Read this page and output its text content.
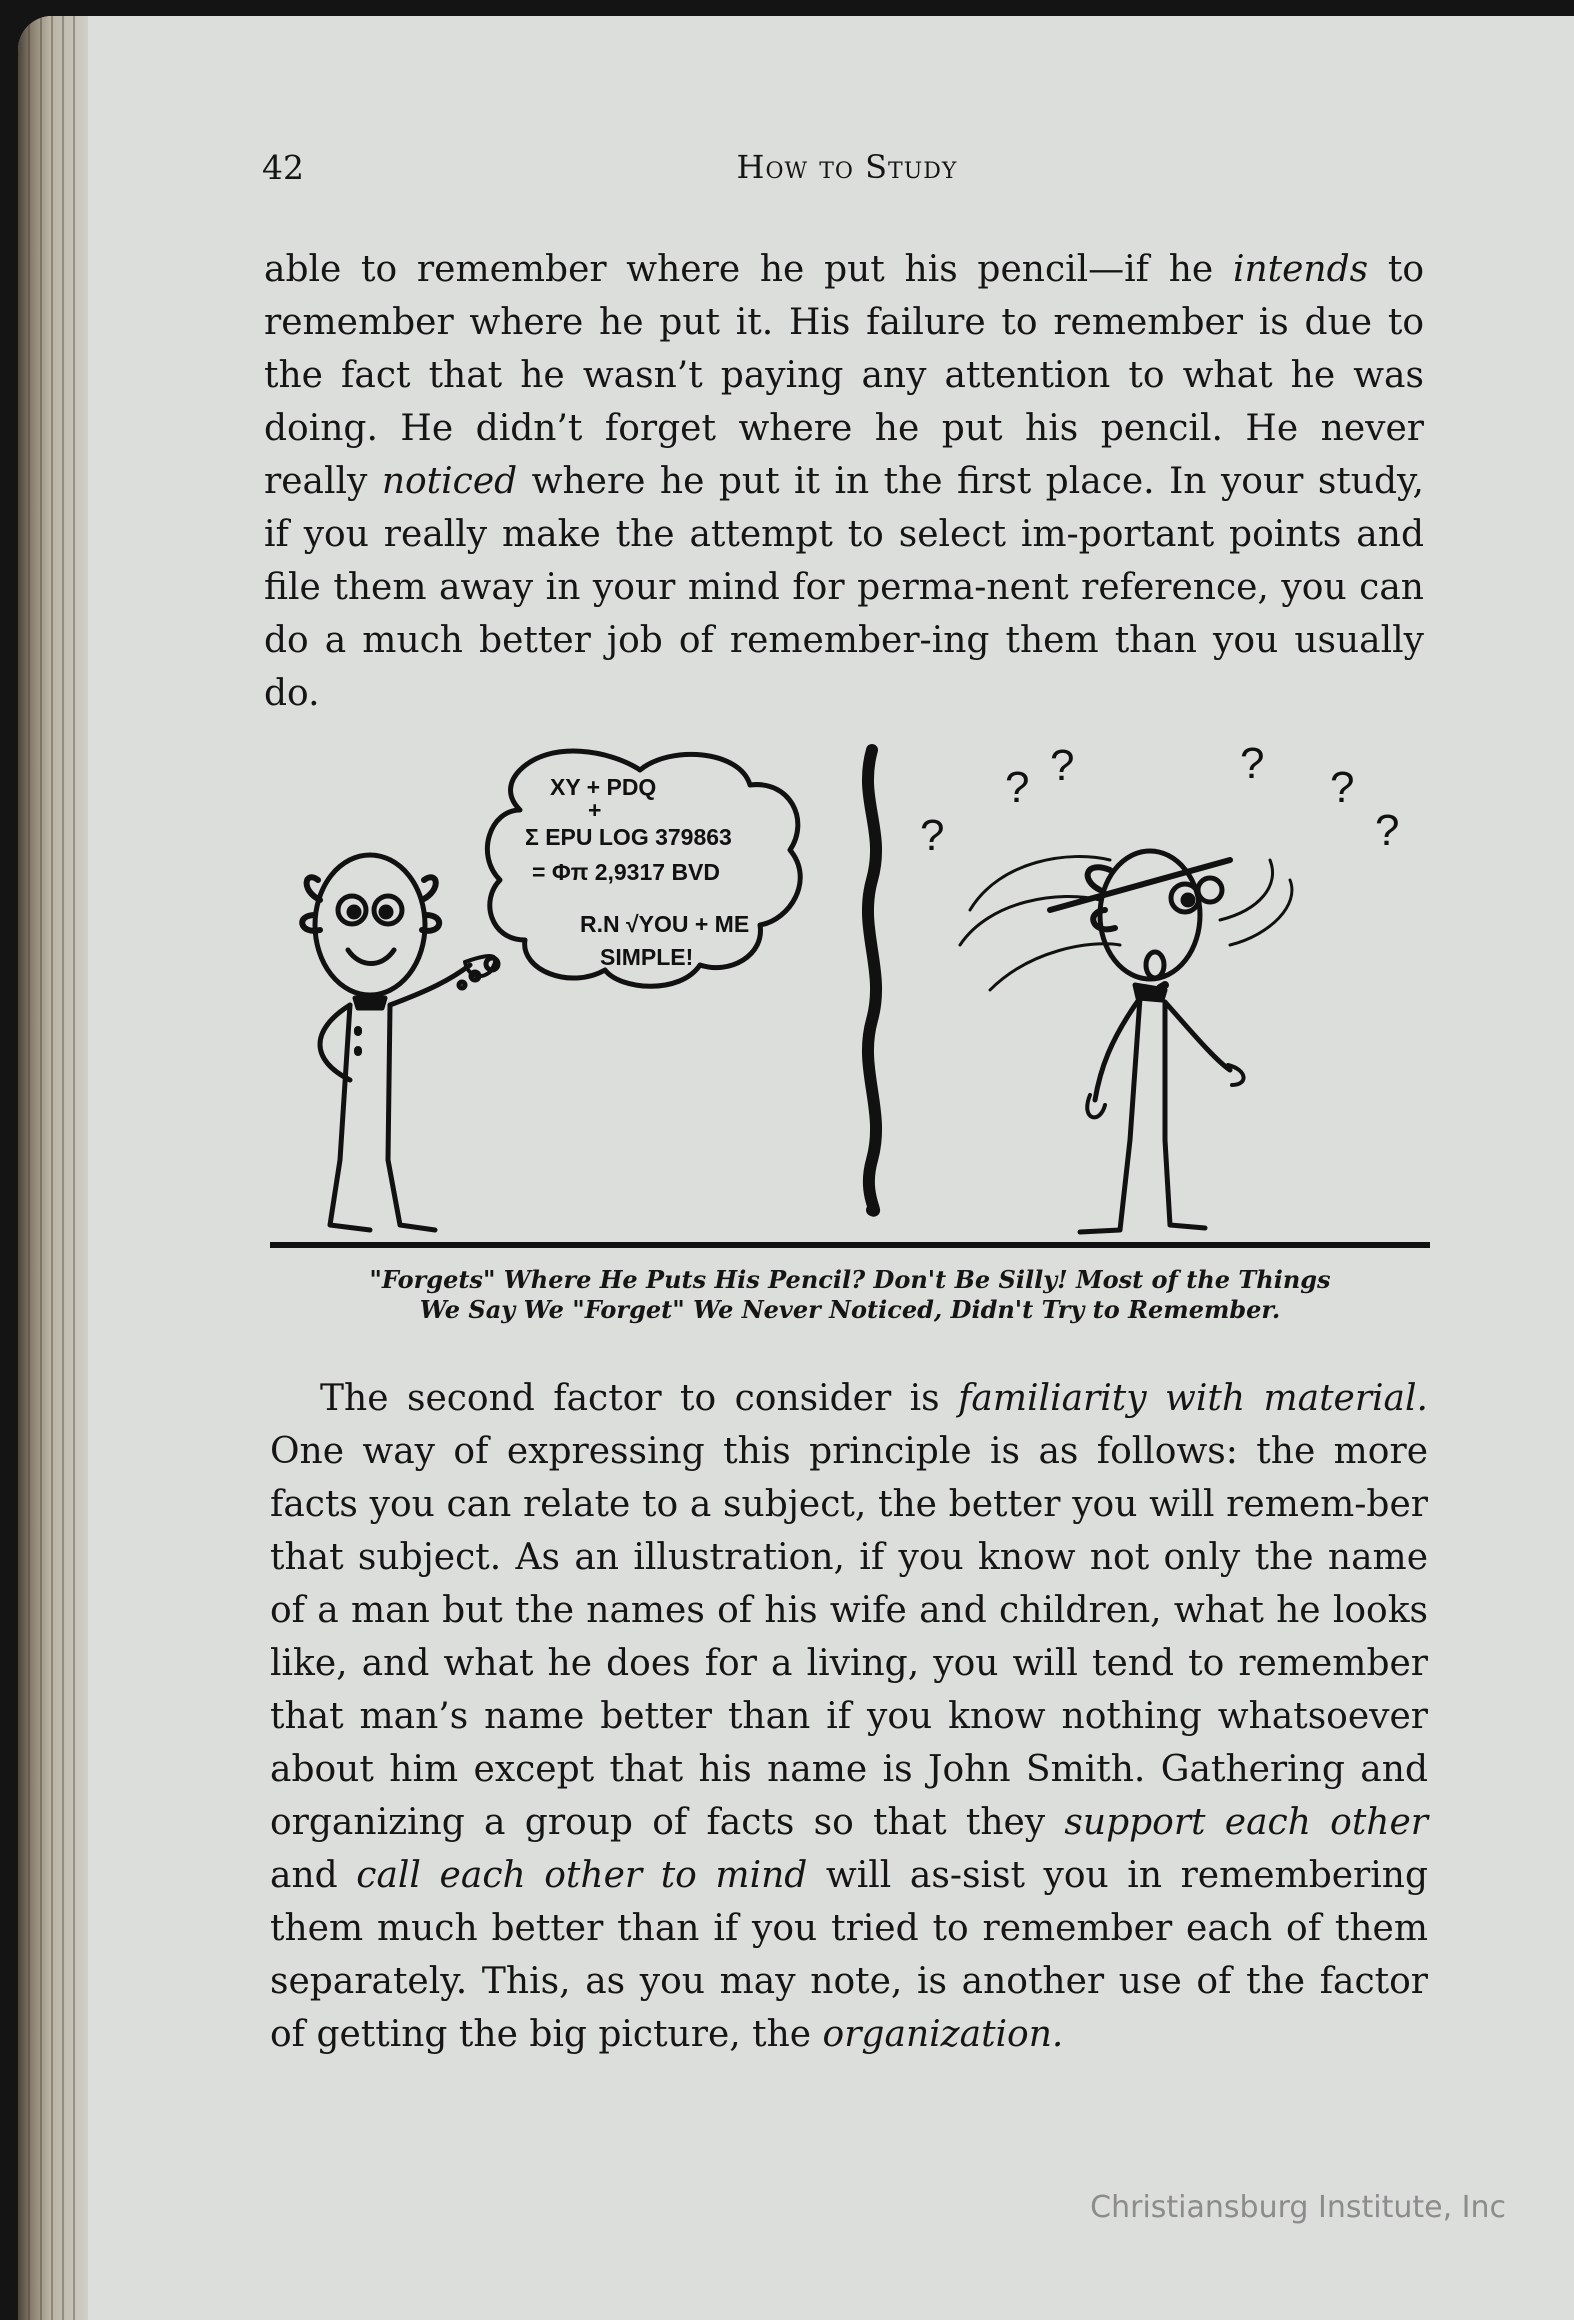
42	How to Study

able to remember where he put his pencil—if he intends to remember where he put it. His failure to remember is due to the fact that he wasn’t paying any attention to what he was doing. He didn’t forget where he put his pencil. He never really noticed where he put it in the first place. In your study, if you really make the attempt to select im-portant points and file them away in your mind for perma-nent reference, you can do a much better job of remember-ing them than you usually do.

XY + PDQ
+
Σ EPU LOG 379863
= Φπ 2,9317 BVD
R.N √YOU + ME
SIMPLE!
?
? ?	? ?
?
"Forgets" Where He Puts His Pencil? Don't Be Silly! Most of the Things
We Say We "Forget" We Never Noticed, Didn't Try to Remember.

The second factor to consider is familiarity with material. One way of expressing this principle is as follows: the more facts you can relate to a subject, the better you will remem-ber that subject. As an illustration, if you know not only the name of a man but the names of his wife and children, what he looks like, and what he does for a living, you will tend to remember that man’s name better than if you know nothing whatsoever about him except that his name is John Smith. Gathering and organizing a group of facts so that they support each other and call each other to mind will as-sist you in remembering them much better than if you tried to remember each of them separately. This, as you may note, is another use of the factor of getting the big picture, the organization.

Christiansburg Institute, Inc
